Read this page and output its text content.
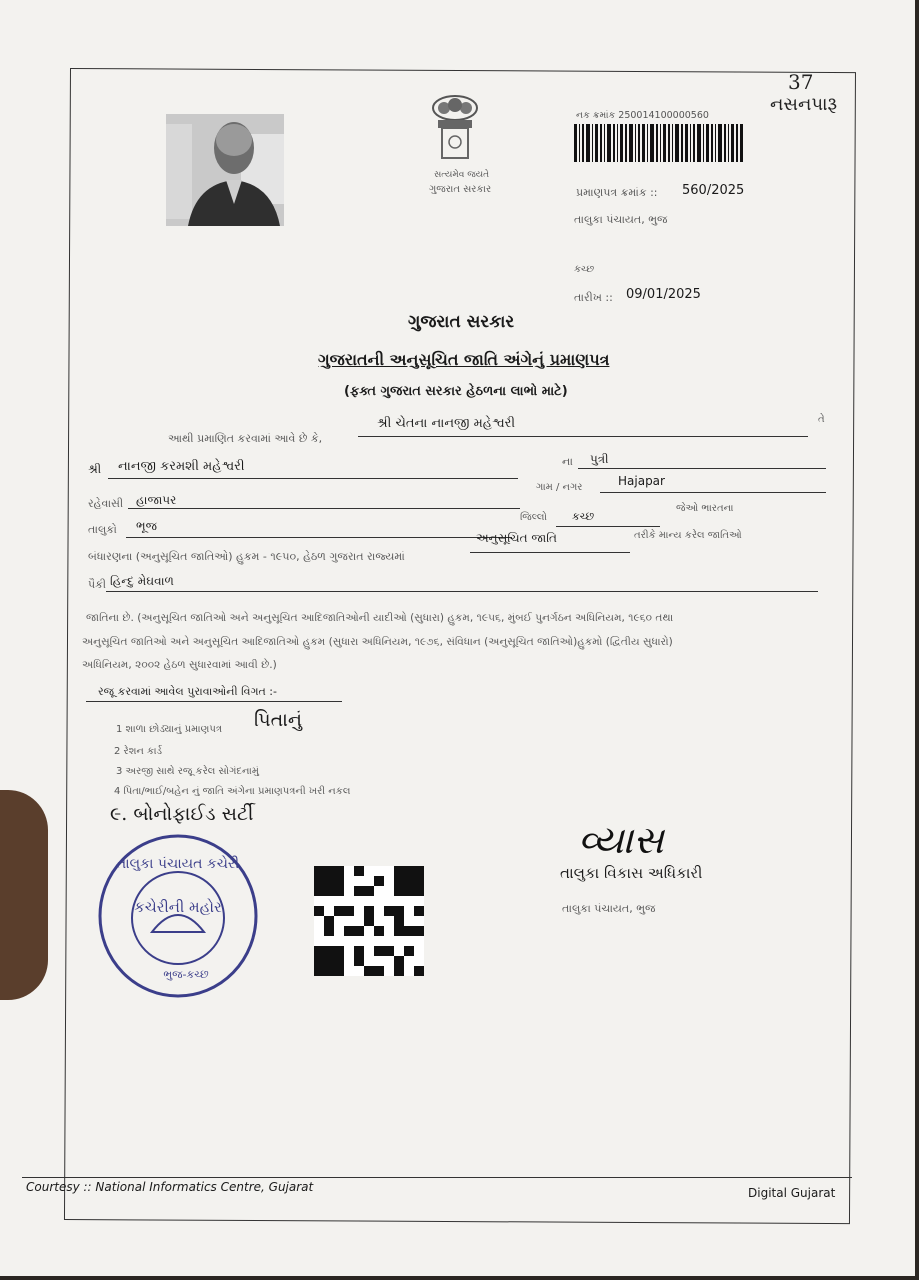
37
નસનપારૂ
સત્યમેવ જયતે
ગુજરાત સરકાર
નક ક્રમાંક 250014100000560
પ્રમાણપત્ર ક્રમાંક :: 560/2025
તાલુકા પંચાયત, ભુજ
કચ્છ
તારીખ :: 09/01/2025
ગુજરાત સરકાર
ગુજરાતની અનુસૂચિત જાતિ અંગેનું પ્રમાણપત્ર
(ફક્ત ગુજરાત સરકાર હેઠળના લાભો માટે)
આથી પ્રમાણિત કરવામાં આવે છે કે,
શ્રી ચેતના નાનજી મહેશ્વરી	તે
શ્રી નાનજી કરમશી મહેશ્વરી	ના પુત્રી
રહેવાસી હાજાપર
ગામ / નગર	Hajapar
તાલુકો ભૂજ
જિલ્લો કચ્છ
જેઓ ભારતના
બંધારણના (અનુસૂચિત જાતિઓ) હુકમ - ૧૯૫૦, હેઠળ ગુજરાત રાજ્યમાં
અનુસૂચિત જાતિ	તરીકે માન્ય કરેલ જાતિઓ
પૈકી હિન્દુ મેઘવાળ
જાતિના છે. (અનુસૂચિત જાતિઓ અને અનુસૂચિત આદિજાતિઓની યાદીઓ (સુધારા) હુકમ, ૧૯૫૬, મુંબઈ પુનર્ગઠન અધિનિયમ, ૧૯૬૦ તથા
અનુસૂચિત જાતિઓ અને અનુસૂચિત આદિજાતિઓ હુકમ (સુધારા અધિનિયમ, ૧૯૭૬, સંવિધાન (અનુસૂચિત જાતિઓ)હુકમો (દ્વિતીય સુધારો)
અધિનિયમ, ૨૦૦૨ હેઠળ સુધારવામાં આવી છે.)
રજૂ કરવામાં આવેલ પુરાવાઓની વિગત :-
1 શાળા છોડ્યાનું પ્રમાણપત્ર પિતાનું
2 રેશન કાર્ડ
3 અરજી સાથે રજૂ કરેલ સોગંદનામું
4 પિતા/ભાઈ/બહેન નું જાતિ અંગેના પ્રમાણપત્રની ખરી નકલ
૯. બોનોફાઈડ સર્ટી
વ્યાસ
તાલુકા વિકાસ અધિકારી
તાલુકા પંચાયત, ભુજ
તાલુકા પંચાયત કચેરી
કચેરીની મહોર
ભુજ-કચ્છ
Courtesy :: National Informatics Centre, Gujarat	Digital Gujarat
